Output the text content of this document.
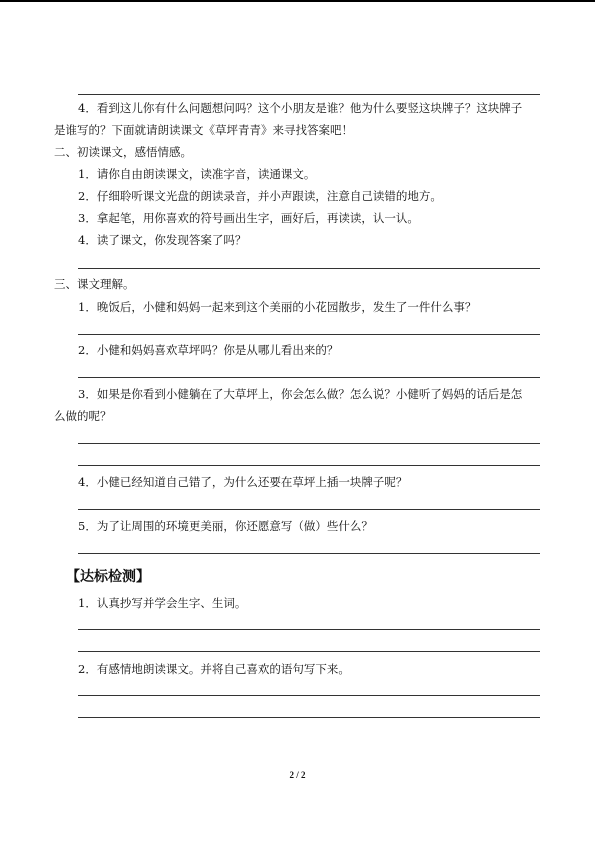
4．看到这儿你有什么问题想问吗？这个小朋友是谁？他为什么要竖这块牌子？这块牌子
是谁写的？下面就请朗读课文《草坪青青》来寻找答案吧！
二、初读课文，感悟情感。
1．请你自由朗读课文，读准字音，读通课文。
2．仔细聆听课文光盘的朗读录音，并小声跟读，注意自己读错的地方。
3．拿起笔，用你喜欢的符号画出生字，画好后，再读读，认一认。
4．读了课文，你发现答案了吗？
三、课文理解。
1．晚饭后，小健和妈妈一起来到这个美丽的小花园散步，发生了一件什么事？
2．小健和妈妈喜欢草坪吗？你是从哪儿看出来的？
3．如果是你看到小健躺在了大草坪上，你会怎么做？怎么说？小健听了妈妈的话后是怎
么做的呢？
4．小健已经知道自己错了，为什么还要在草坪上插一块牌子呢？
5．为了让周围的环境更美丽，你还愿意写（做）些什么？
【达标检测】
1．认真抄写并学会生字、生词。
2．有感情地朗读课文。并将自己喜欢的语句写下来。
2 / 2
